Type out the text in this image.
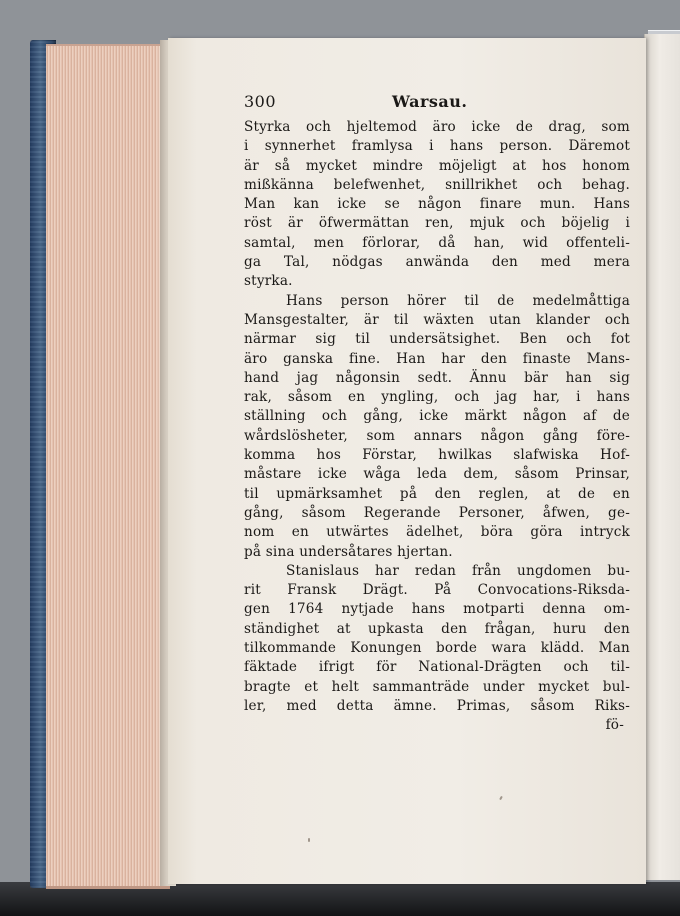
300	Warsau.
Styrka och hjeltemod äro icke de drag, som
i synnerhet framlysa i hans person. Däremot
är så mycket mindre möjeligt at hos honom
mißkänna belefwenhet, snillrikhet och behag.
Man kan icke se någon finare mun. Hans
röst är öfwermättan ren, mjuk och böjelig i
samtal, men förlorar, då han, wid offenteli-
ga Tal, nödgas anwända den med mera
styrka.
Hans person hörer til de medelmåttiga
Mansgestalter, är til wäxten utan klander och
närmar sig til undersätsighet. Ben och fot
äro ganska fine. Han har den finaste Mans-
hand jag någonsin sedt. Ännu bär han sig
rak, såsom en yngling, och jag har, i hans
ställning och gång, icke märkt någon af de
wårdslösheter, som annars någon gång före-
komma hos Förstar, hwilkas slafwiska Hof-
måstare icke wåga leda dem, såsom Prinsar,
til upmärksamhet på den reglen, at de en
gång, såsom Regerande Personer, åfwen, ge-
nom en utwärtes ädelhet, böra göra intryck
på sina undersåtares hjertan.
Stanislaus har redan från ungdomen bu-
rit Fransk Drägt. På Convocations-Riksda-
gen 1764 nytjade hans motparti denna om-
ständighet at upkasta den frågan, huru den
tilkommande Konungen borde wara klädd. Man
fäktade ifrigt för National-Drägten och til-
bragte et helt sammanträde under mycket bul-
ler, med detta ämne. Primas, såsom Riks-
fö-
